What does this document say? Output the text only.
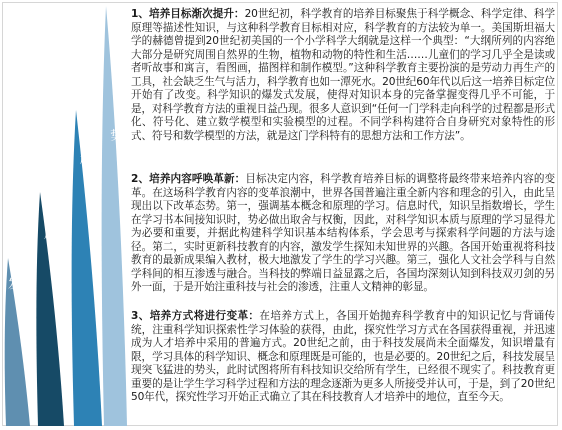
发
展
趋
势

1、培养目标渐次提升：20世纪初，科学教育的培养目标聚焦于科学概念、科学定律、科学原理等描述性知识，与这种科学教育目标相对应，科学教育的方法较为单一。美国斯坦福大学的赫德曾提到20世纪初美国的一个小学科学大纲就是这样一个典型：“大纲所列的内容绝大部分是研究周围自然界的生物，植物和动物的特性和生活……儿童们的学习几乎全是读或者听故事和寓言，看图画，描图样和制作模型。”这种科学教育主要扮演的是劳动力再生产的工具，社会缺乏生气与活力，科学教育也如一潭死水。20世纪60年代以后这一培养目标定位开始有了改变。科学知识的爆发式发展，使得对知识本身的完备掌握变得几乎不可能，于是，对科学教育方法的重视日益凸现。很多人意识到“任何一门学科走向科学的过程都是形式化、符号化、建立数学模型和实验模型的过程。不同学科构建符合自身研究对象特性的形式、符号和数学模型的方法，就是这门学科特有的思想方法和工作方法”。

2、培养内容呼唤革新：目标决定内容，科学教育培养目标的调整将最终带来培养内容的变革。在这场科学教育内容的变革浪潮中，世界各国普遍注重全新内容和理念的引入，由此呈现出以下改革态势。第一，强调基本概念和原理的学习。信息时代，知识呈指数增长，学生在学习书本间接知识时，势必做出取舍与权衡，因此，对科学知识本质与原理的学习显得尤为必要和重要，并据此构建科学知识基本结构体系，学会思考与探索科学问题的方法与途径。第二，实时更新科技教育的内容，激发学生探知未知世界的兴趣。各国开始重视将科技教育的最新成果编入教材，极大地激发了学生的学习兴趣。第三，强化人文社会学科与自然学科间的相互渗透与融合。当科技的弊端日益显露之后，各国均深刻认知到科技双刃剑的另外一面，于是开始注重科技与社会的渗透，注重人文精神的彰显。

3、培养方式将进行变革：在培养方式上，各国开始抛弃科学教育中的知识记忆与背诵传统，注重科学知识探索性学习体验的获得，由此，探究性学习方式在各国获得重视，并迅速成为人才培养中采用的普遍方式。20世纪之前，由于科技发展尚未全面爆发，知识增量有限，学习具体的科学知识、概念和原理既是可能的，也是必要的。20世纪之后，科技发展呈现突飞猛进的势头，此时试图将所有科技知识交给所有学生，已经很不现实了。科技教育更重要的是让学生学习科学过程和方法的理念逐渐为更多人所接受并认可，于是，到了20世纪50年代，探究性学习开始正式确立了其在科技教育人才培养中的地位，直至今天。
